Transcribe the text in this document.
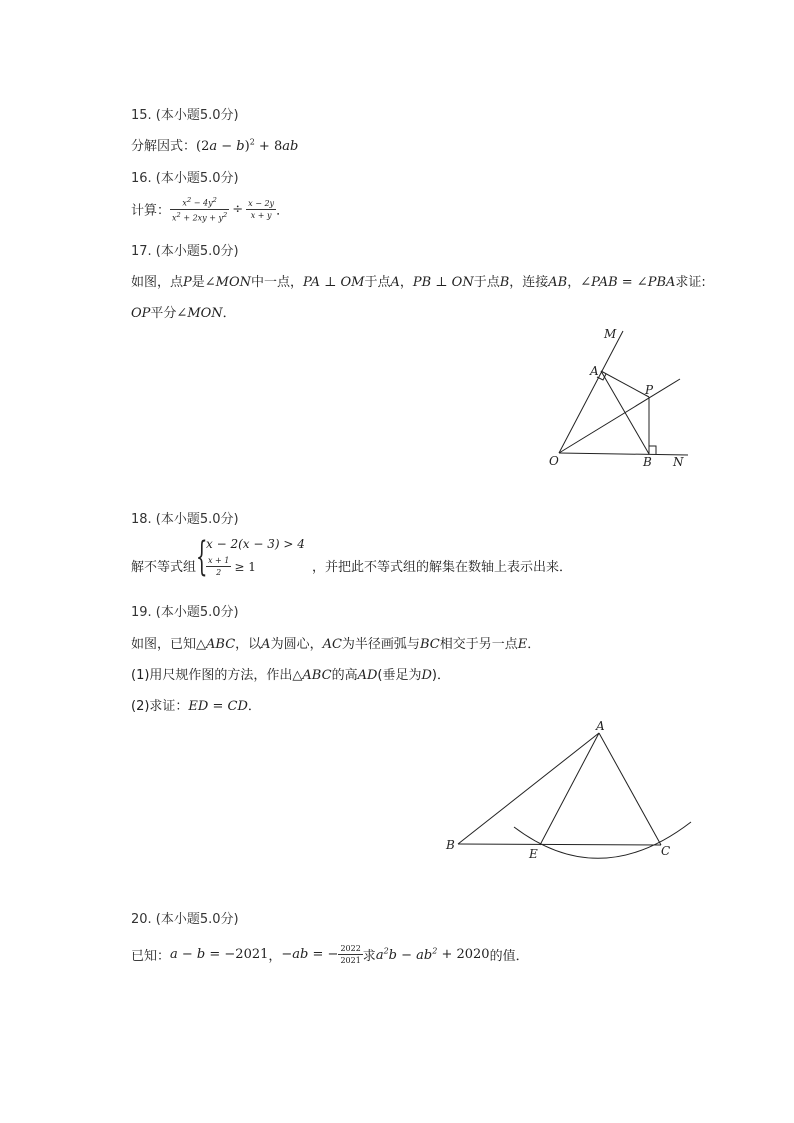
15. (本小题5.0分)
分解因式：$(2a - b)^2 + 8ab$
16. (本小题5.0分)
计算： $\frac{x^2 - 4y^2}{x^2 + 2xy + y^2} \div \frac{x - 2y}{x + y}$ ．
17. (本小题5.0分)
如图，点P是∠MON中一点，PA ⊥ OM于点A，PB ⊥ ON于点B，连接AB，∠PAB = ∠PBA求证:
OP平分∠MON．
M
A
P
O	B N
18. (本小题5.0分)
解不等式组 {
x − 2(x − 3) > 4
$\frac{x + 1}{2} \ge 1$	，并把此不等式组的解集在数轴上表示出来．
19. (本小题5.0分)
如图，已知△ABC，以A为圆心，AC为半径画弧与BC相交于另一点E．
(1)用尺规作图的方法，作出△ABC的高AD(垂足为D)．
(2)求证：ED = CD．
A
B
E	C
20. (本小题5.0分)
已知：a − b = −2021，−ab = − $\frac{2022}{2021}$ 求$a^2b - ab^2 + 2020$的值．
